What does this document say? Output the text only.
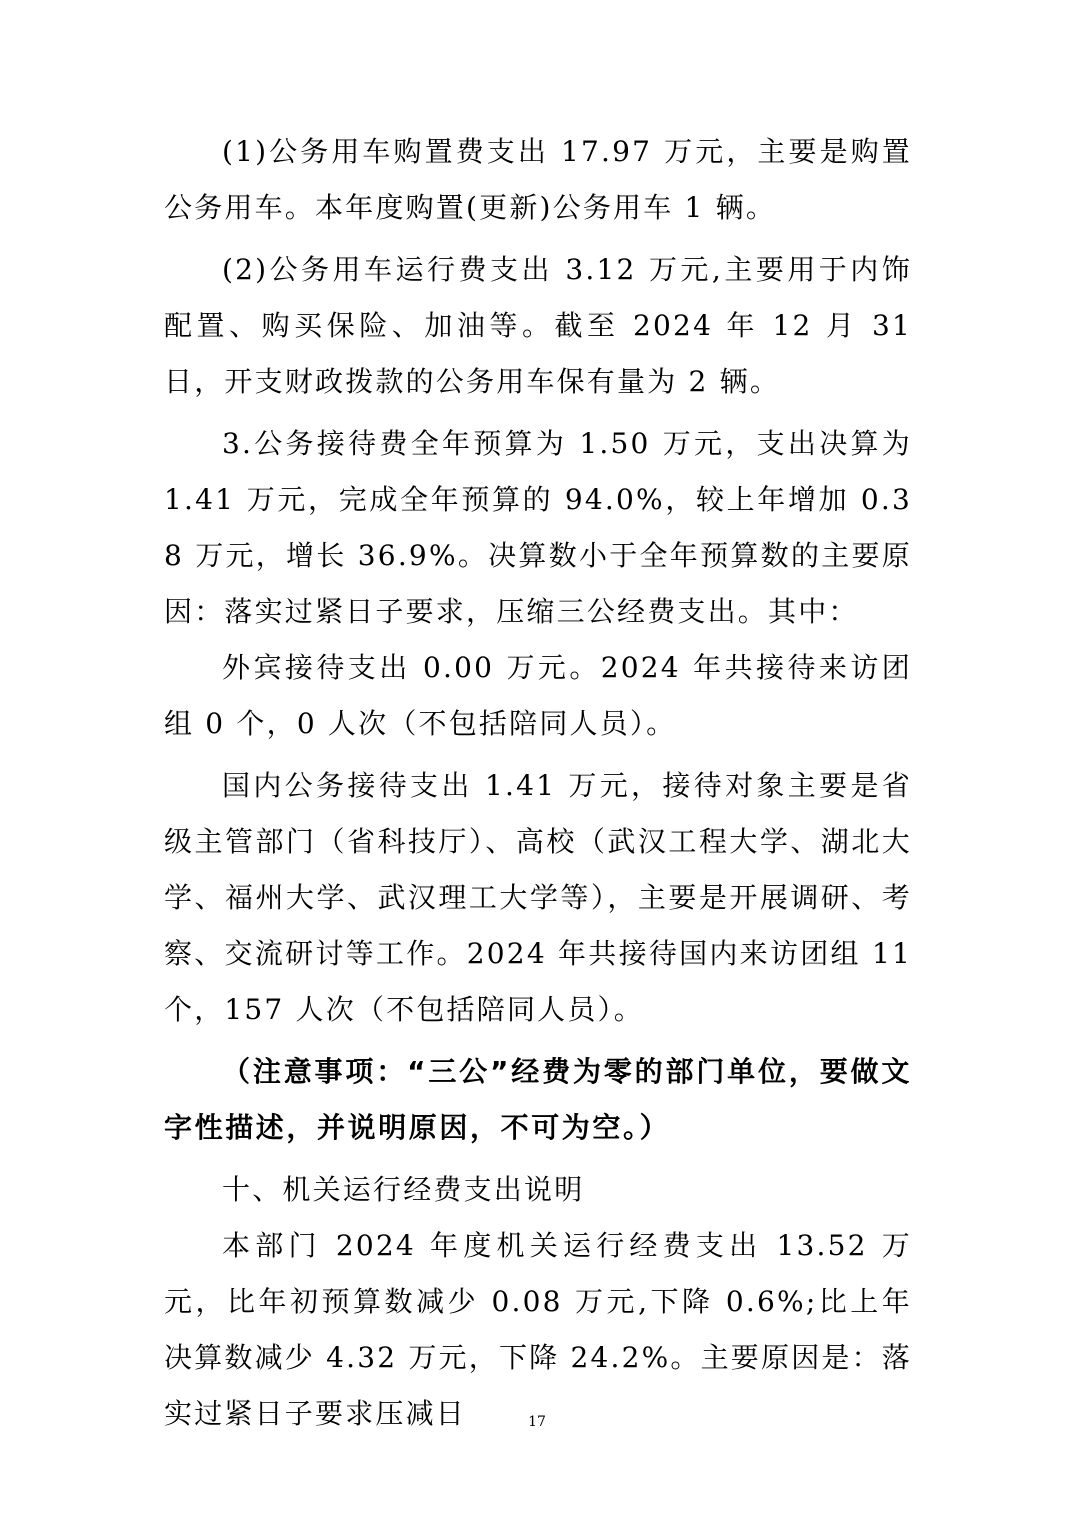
(1)公务用车购置费支出 17.97 万元，主要是购置公务用车。本年度购置(更新)公务用车 1 辆。

(2)公务用车运行费支出 3.12 万元,主要用于内饰配置、购买保险、加油等。截至 2024 年 12 月 31 日，开支财政拨款的公务用车保有量为 2 辆。

3.公务接待费全年预算为 1.50 万元，支出决算为 1.41 万元，完成全年预算的 94.0%，较上年增加 0.38 万元，增长 36.9%。决算数小于全年预算数的主要原因：落实过紧日子要求，压缩三公经费支出。其中：

外宾接待支出 0.00 万元。2024 年共接待来访团组 0 个，0 人次（不包括陪同人员）。

国内公务接待支出 1.41 万元，接待对象主要是省级主管部门（省科技厅）、高校（武汉工程大学、湖北大学、福州大学、武汉理工大学等），主要是开展调研、考察、交流研讨等工作。2024 年共接待国内来访团组 11 个，157 人次（不包括陪同人员）。

（注意事项：“三公”经费为零的部门单位，要做文字性描述，并说明原因，不可为空。）

十、机关运行经费支出说明

本部门 2024 年度机关运行经费支出 13.52 万元，比年初预算数减少 0.08 万元,下降 0.6%;比上年决算数减少 4.32 万元，下降 24.2%。主要原因是：落实过紧日子要求压减日	17
